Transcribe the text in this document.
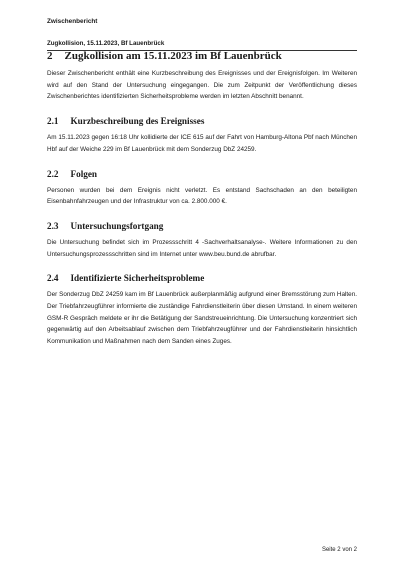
Zwischenbericht
Zugkollision, 15.11.2023, Bf Lauenbrück
2 Zugkollision am 15.11.2023 im Bf Lauenbrück

Dieser Zwischenbericht enthält eine Kurzbeschreibung des Ereignisses und der Ereignisfolgen. Im Weiteren wird auf den Stand der Untersuchung eingegangen. Die zum Zeitpunkt der Veröffentlichung dieses Zwischenberichtes identifizierten Sicherheitsprobleme werden im letzten Abschnitt benannt.

2.1 Kurzbeschreibung des Ereignisses

Am 15.11.2023 gegen 16:18 Uhr kollidierte der ICE 615 auf der Fahrt von Hamburg-Altona Pbf nach München Hbf auf der Weiche 229 im Bf Lauenbrück mit dem Sonderzug DbZ 24259.

2.2 Folgen

Personen wurden bei dem Ereignis nicht verletzt. Es entstand Sachschaden an den beteiligten Eisenbahnfahrzeugen und der Infrastruktur von ca. 2.800.000 €.

2.3 Untersuchungsfortgang

Die Untersuchung befindet sich im Prozessschritt 4 -Sachverhaltsanalyse-. Weitere Informationen zu den Untersuchungsprozessschritten sind im Internet unter www.beu.bund.de abrufbar.

2.4 Identifizierte Sicherheitsprobleme

Der Sonderzug DbZ 24259 kam im Bf Lauenbrück außerplanmäßig aufgrund einer Bremsstörung zum Halten. Der Triebfahrzeugführer informierte die zuständige Fahrdienstleiterin über diesen Umstand. In einem weiteren GSM-R Gespräch meldete er ihr die Betätigung der Sandstreueinrichtung. Die Untersuchung konzentriert sich gegenwärtig auf den Arbeitsablauf zwischen dem Triebfahrzeugführer und der Fahrdienstleiterin hinsichtlich Kommunikation und Maßnahmen nach dem Sanden eines Zuges.

Seite 2 von 2
